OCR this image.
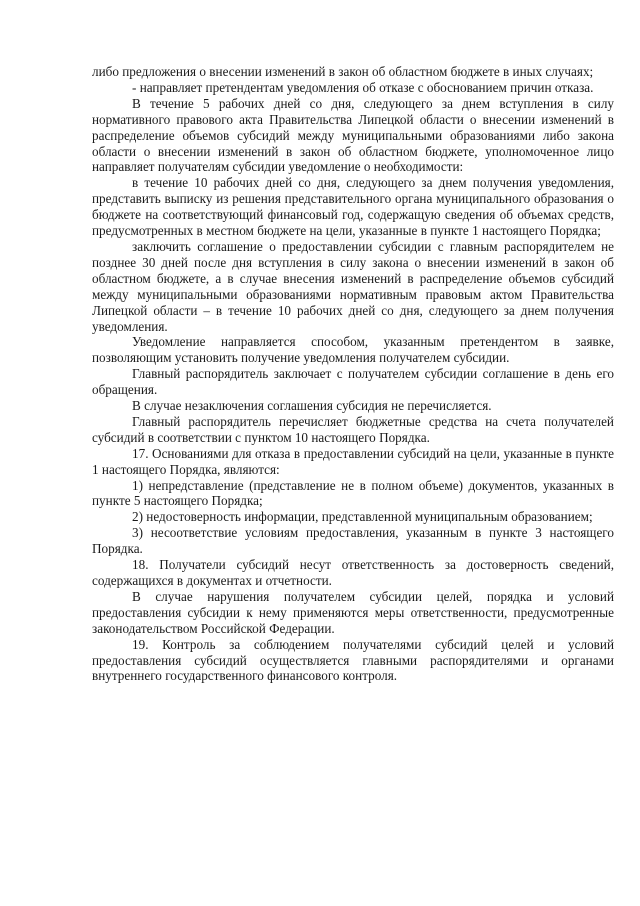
либо предложения о внесении изменений в закон об областном бюджете в иных случаях;

- направляет претендентам уведомления об отказе с обоснованием причин отказа.

В течение 5 рабочих дней со дня, следующего за днем вступления в силу нормативного правового акта Правительства Липецкой области о внесении изменений в распределение объемов субсидий между муниципальными образованиями либо закона области о внесении изменений в закон об областном бюджете, уполномоченное лицо направляет получателям субсидии уведомление о необходимости:

в течение 10 рабочих дней со дня, следующего за днем получения уведомления, представить выписку из решения представительного органа муниципального образования о бюджете на соответствующий финансовый год, содержащую сведения об объемах средств, предусмотренных в местном бюджете на цели, указанные в пункте 1 настоящего Порядка;

заключить соглашение о предоставлении субсидии с главным распорядителем не позднее 30 дней после дня вступления в силу закона о внесении изменений в закон об областном бюджете, а в случае внесения изменений в распределение объемов субсидий между муниципальными образованиями нормативным правовым актом Правительства Липецкой области – в течение 10 рабочих дней со дня, следующего за днем получения уведомления.

Уведомление направляется способом, указанным претендентом в заявке, позволяющим установить получение уведомления получателем субсидии.

Главный распорядитель заключает с получателем субсидии соглашение в день его обращения.

В случае незаключения соглашения субсидия не перечисляется.

Главный распорядитель перечисляет бюджетные средства на счета получателей субсидий в соответствии с пунктом 10 настоящего Порядка.

17. Основаниями для отказа в предоставлении субсидий на цели, указанные в пункте 1 настоящего Порядка, являются:

1) непредставление (представление не в полном объеме) документов, указанных в пункте 5 настоящего Порядка;

2) недостоверность информации, представленной муниципальным образованием;

3) несоответствие условиям предоставления, указанным в пункте 3 настоящего Порядка.

18. Получатели субсидий несут ответственность за достоверность сведений, содержащихся в документах и отчетности.

В случае нарушения получателем субсидии целей, порядка и условий предоставления субсидии к нему применяются меры ответственности, предусмотренные законодательством Российской Федерации.

19. Контроль за соблюдением получателями субсидий целей и условий предоставления субсидий осуществляется главными распорядителями и органами внутреннего государственного финансового контроля.
